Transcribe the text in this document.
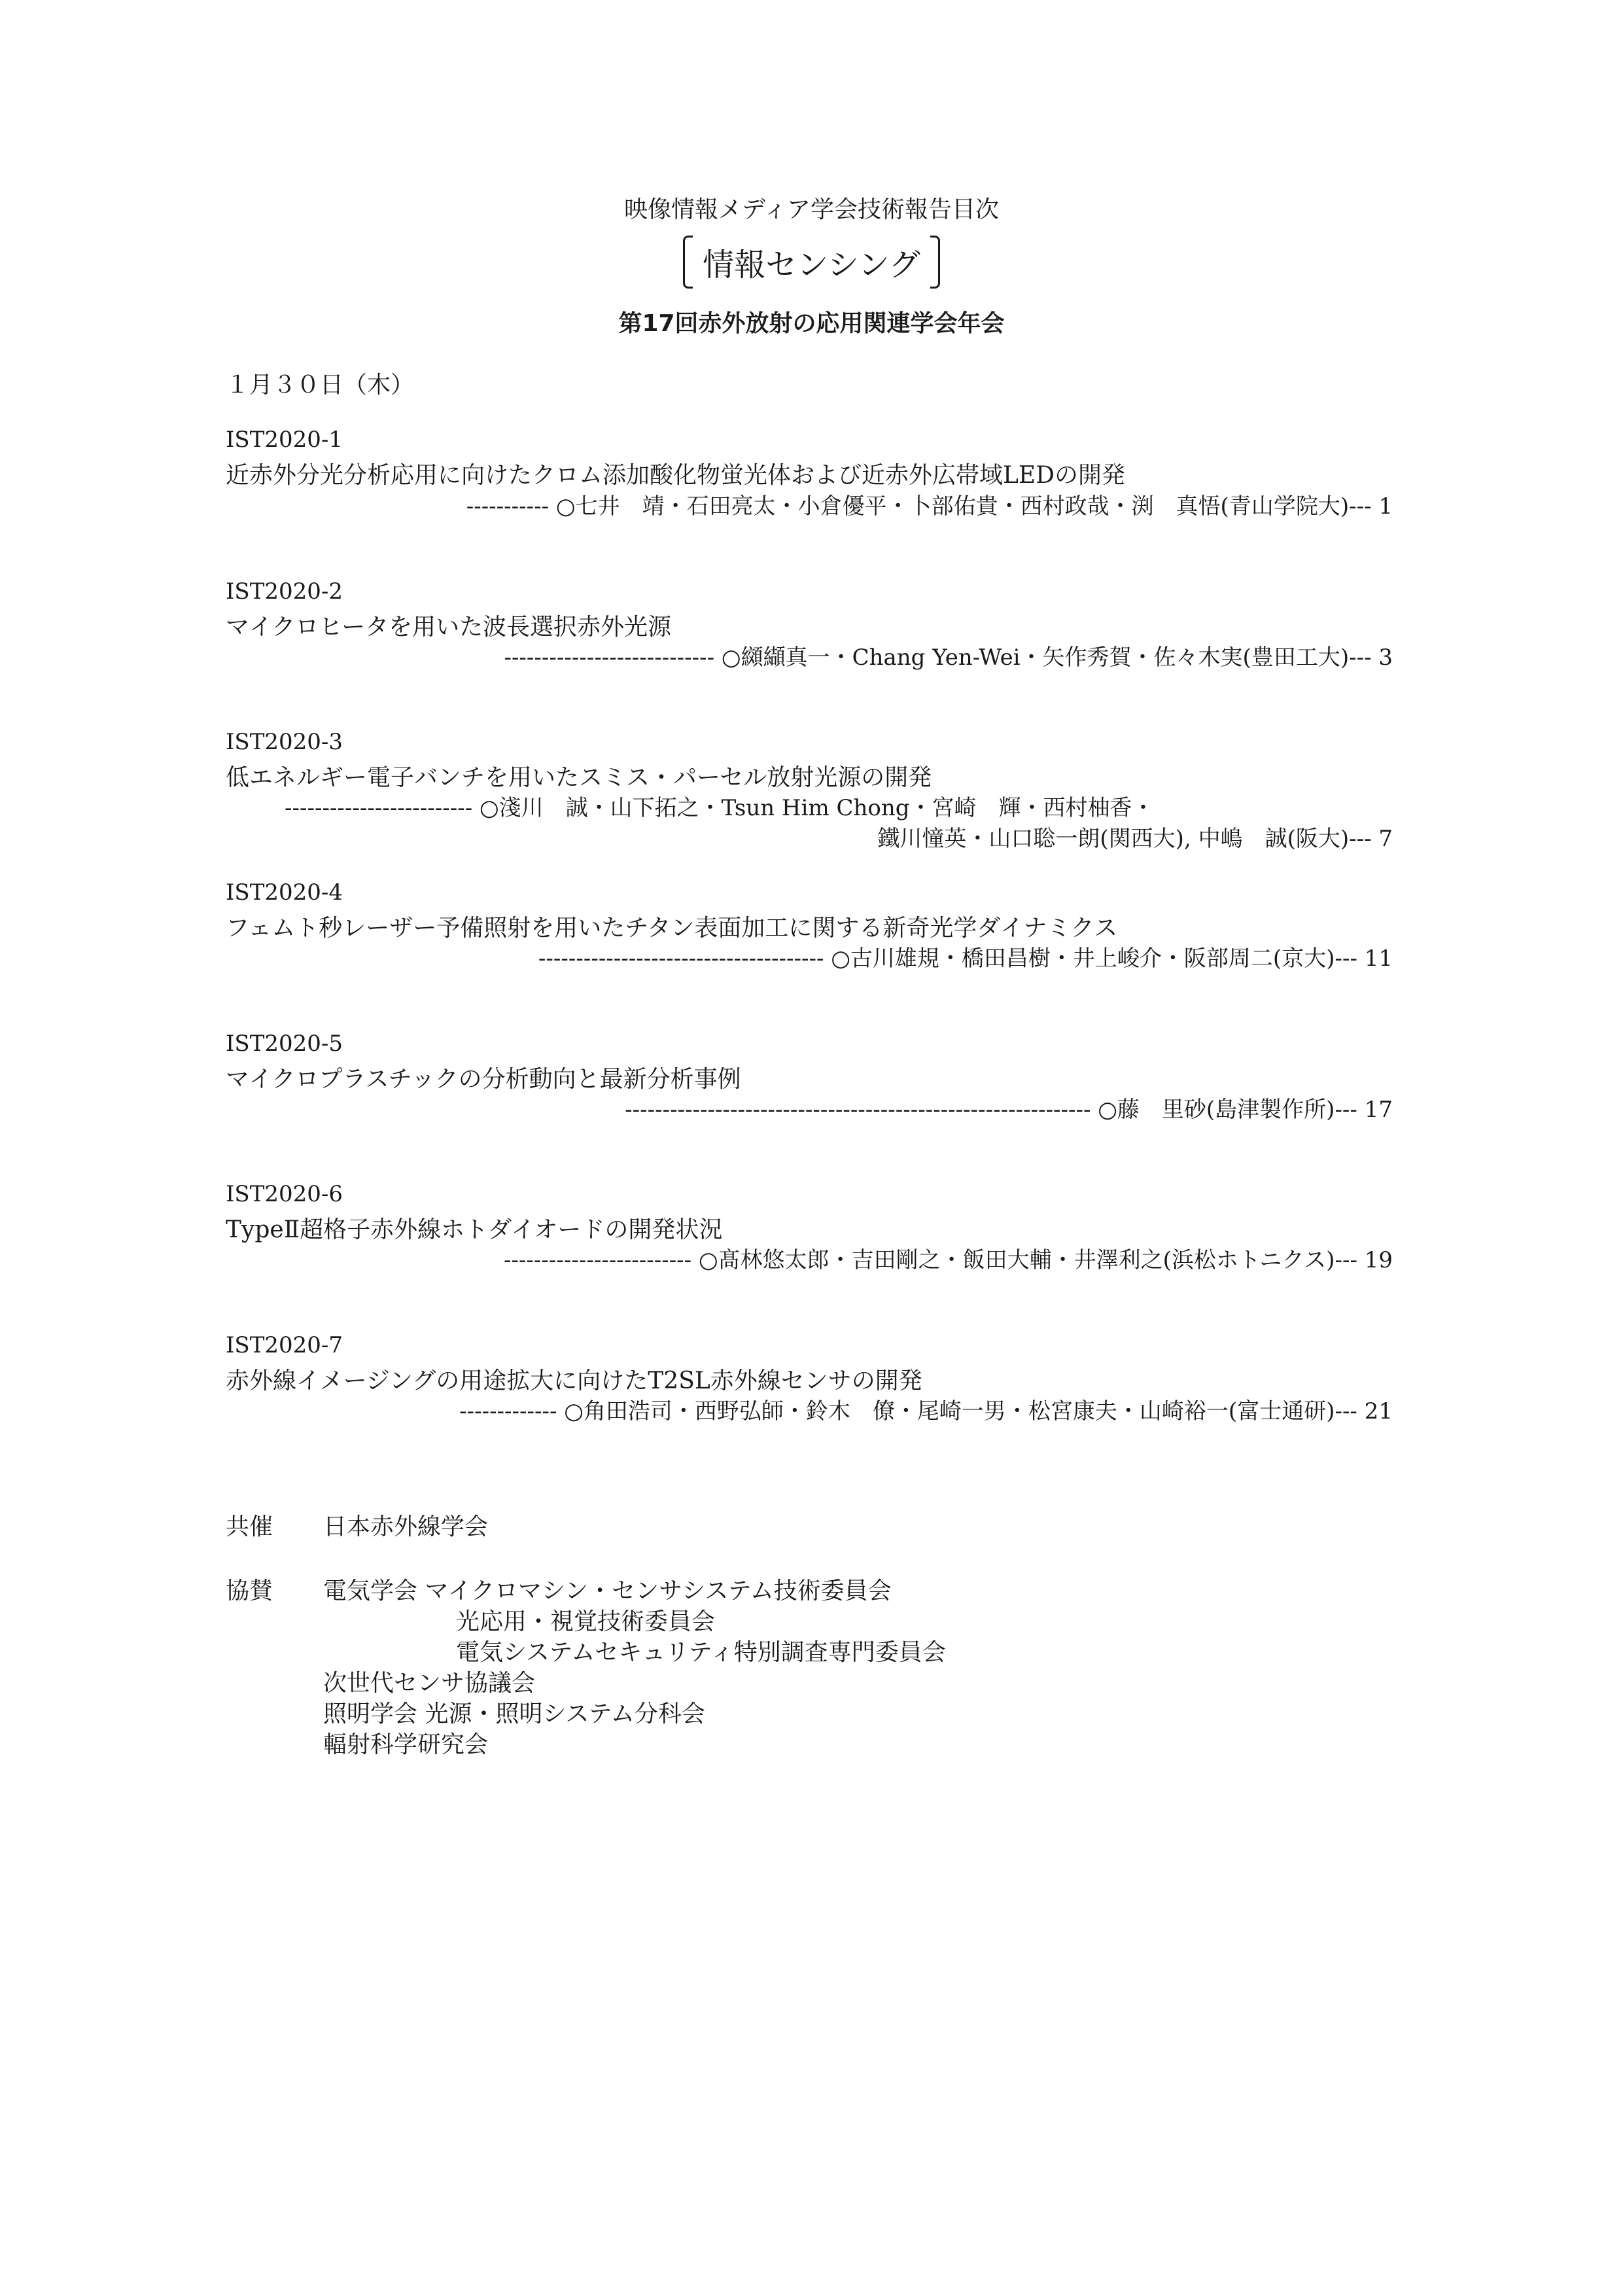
映像情報メディア学会技術報告目次
情報センシング
第17回赤外放射の応用関連学会年会
１月３０日（木）
IST2020-1
近赤外分光分析応用に向けたクロム添加酸化物蛍光体および近赤外広帯域LEDの開発
----------- ○七井　靖・石田亮太・小倉優平・卜部佑貴・西村政哉・渕　真悟(青山学院大)--- 1
IST2020-2
マイクロヒータを用いた波長選択赤外光源
---------------------------- ○纐纈真一・Chang Yen-Wei・矢作秀賀・佐々木実(豊田工大)--- 3
IST2020-3
低エネルギー電子バンチを用いたスミス・パーセル放射光源の開発
------------------------- ○淺川　誠・山下拓之・Tsun Him Chong・宮崎　輝・西村柚香・
鐵川憧英・山口聡一朗(関西大), 中嶋　誠(阪大)--- 7
IST2020-4
フェムト秒レーザー予備照射を用いたチタン表面加工に関する新奇光学ダイナミクス
-------------------------------------- ○古川雄規・橋田昌樹・井上峻介・阪部周二(京大)--- 11
IST2020-5
マイクロプラスチックの分析動向と最新分析事例
-------------------------------------------------------------- ○藤　里砂(島津製作所)--- 17
IST2020-6
TypeⅡ超格子赤外線ホトダイオードの開発状況
------------------------- ○髙林悠太郎・吉田剛之・飯田大輔・井澤利之(浜松ホトニクス)--- 19
IST2020-7
赤外線イメージングの用途拡大に向けたT2SL赤外線センサの開発
------------- ○角田浩司・西野弘師・鈴木　僚・尾崎一男・松宮康夫・山崎裕一(富士通研)--- 21
共催 日本赤外線学会
協賛 電気学会 マイクロマシン・センサシステム技術委員会
光応用・視覚技術委員会
電気システムセキュリティ特別調査専門委員会
次世代センサ協議会
照明学会 光源・照明システム分科会
輻射科学研究会
